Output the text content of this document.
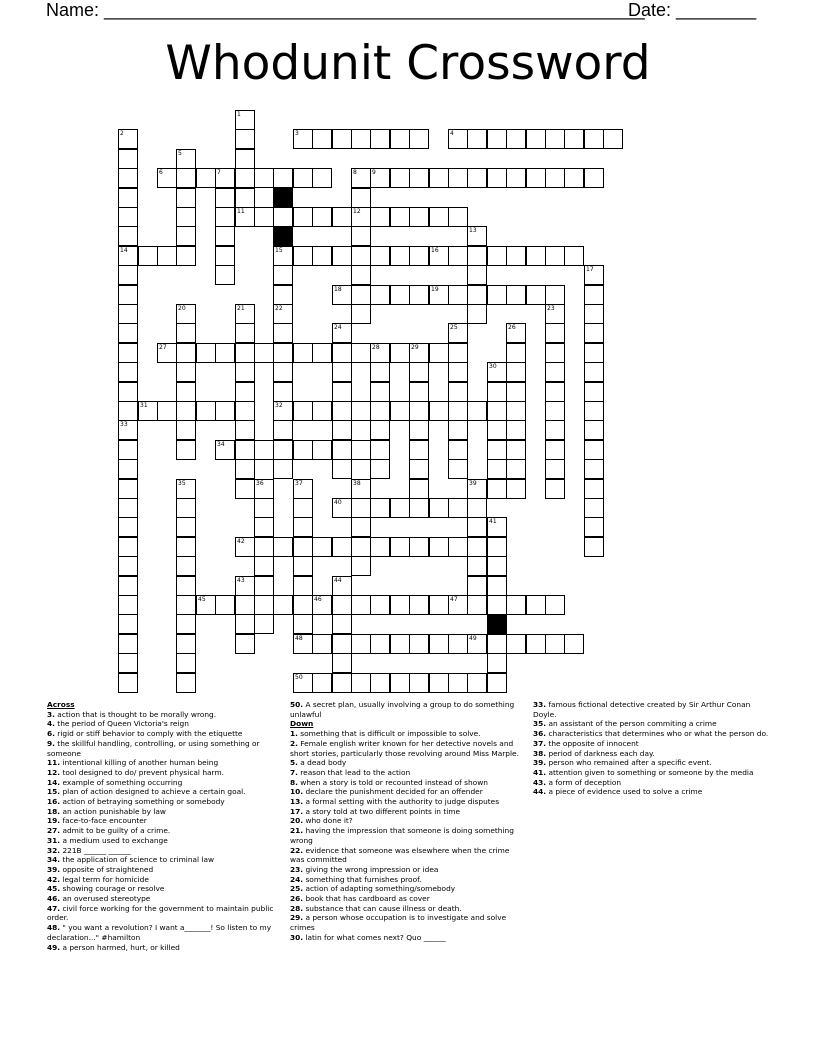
Name: ______________________________________________________
Date: ________
Whodunit Crossword
1
2
14
33
3	4
5
6	7	8
12
9
15
22
11
13
16
17
18	19
20	21
32
23
24	25	26
27	28	29
30
31
34
35	36	37	38	39
40
41
42
43	44
45	46	47
48	49
50
Across
3. action that is thought to be morally wrong.
4. the period of Queen Victoria's reign
6. rigid or stiff behavior to comply with the etiquette
9. the skillful handling, controlling, or using something or someone
11. intentional killing of another human being
12. tool designed to do/ prevent physical harm.
14. example of something occurring
15. plan of action designed to achieve a certain goal.
16. action of betraying something or somebody
18. an action punishable by law
19. face-to-face encounter
27. admit to be guilty of a crime.
31. a medium used to exchange
32. 221B ______ ______
34. the application of science to criminal law
39. opposite of straightened
42. legal term for homicide
45. showing courage or resolve
46. an overused stereotype
47. civil force working for the government to maintain public order.
48. " you want a revolution? I want a_______! So listen to my declaration..." #hamilton
49. a person harmed, hurt, or killed
50. A secret plan, usually involving a group to do something unlawful
Down
1. something that is difficult or impossible to solve.
2. Female english writer known for her detective novels and short stories, particularly those revolving around Miss Marple.
5. a dead body
7. reason that lead to the action
8. when a story is told or recounted instead of shown
10. declare the punishment decided for an offender
13. a formal setting with the authority to judge disputes
17. a story told at two different points in time
20. who done it?
21. having the impression that someone is doing something wrong
22. evidence that someone was elsewhere when the crime was committed
23. giving the wrong impression or idea
24. something that furnishes proof.
25. action of adapting something/somebody
26. book that has cardboard as cover
28. substance that can cause illness or death.
29. a person whose occupation is to investigate and solve crimes
30. latin for what comes next? Quo ______
33. famous fictional detective created by Sir Arthur Conan Doyle.
35. an assistant of the person commiting a crime
36. characteristics that determines who or what the person do.
37. the opposite of innocent
38. period of darkness each day.
39. person who remained after a specific event.
41. attention given to something or someone by the media
43. a form of deception
44. a piece of evidence used to solve a crime
